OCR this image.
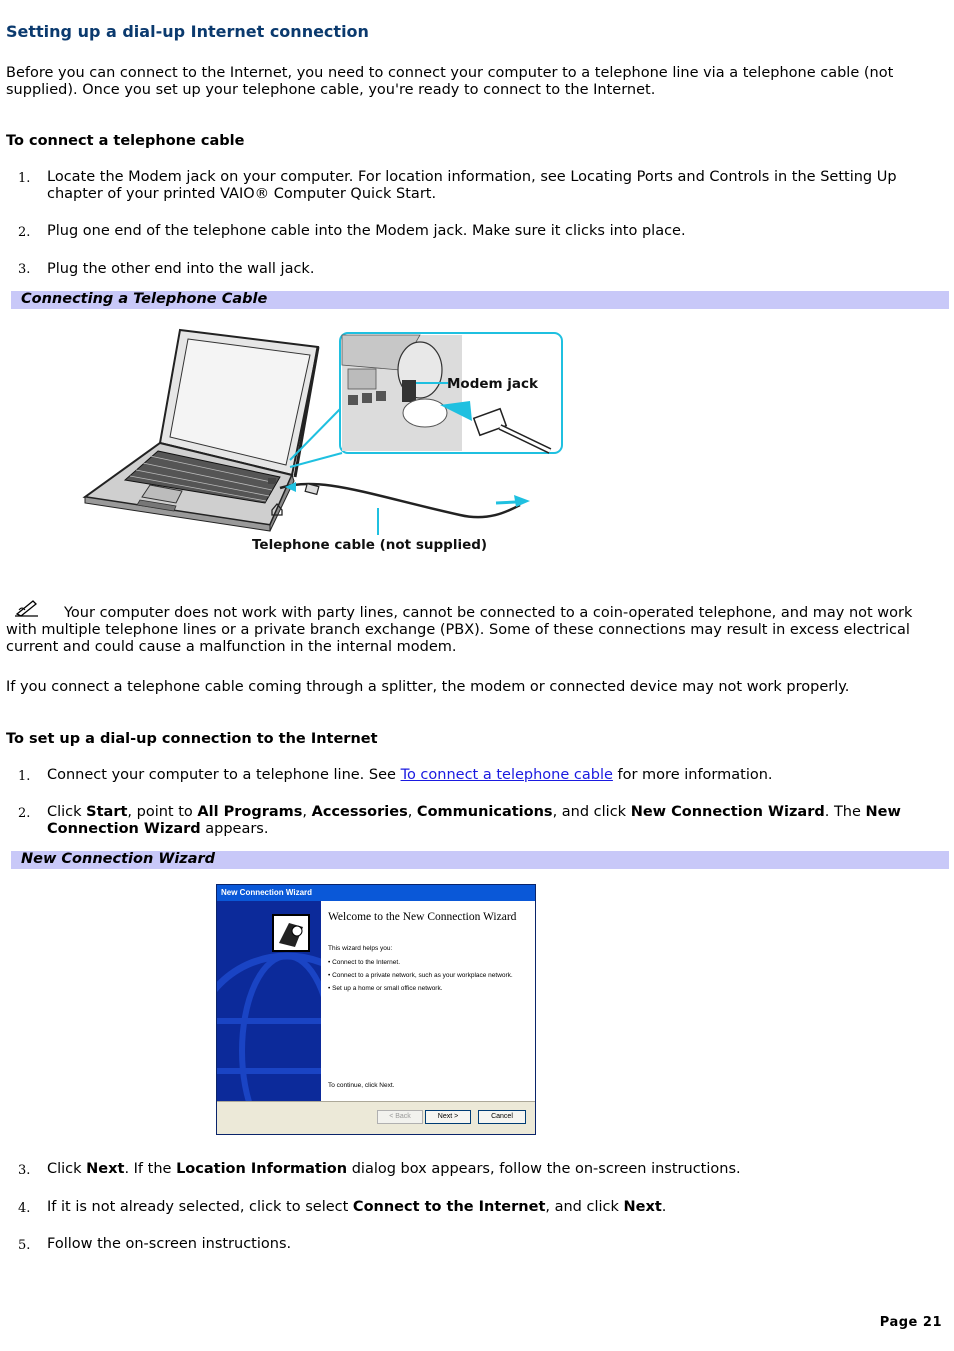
Setting up a dial-up Internet connection
Before you can connect to the Internet, you need to connect your computer to a telephone line via a telephone cable (not supplied). Once you set up your telephone cable, you're ready to connect to the Internet.
To connect a telephone cable
1. Locate the Modem jack on your computer. For location information, see Locating Ports and Controls in the Setting Up chapter of your printed VAIO® Computer Quick Start.
2. Plug one end of the telephone cable into the Modem jack. Make sure it clicks into place.
3. Plug the other end into the wall jack.
Connecting a Telephone Cable
Modem jack
Telephone cable (not supplied)
Your computer does not work with party lines, cannot be connected to a coin-operated telephone, and may not work with multiple telephone lines or a private branch exchange (PBX). Some of these connections may result in excess electrical current and could cause a malfunction in the internal modem.
If you connect a telephone cable coming through a splitter, the modem or connected device may not work properly.
To set up a dial-up connection to the Internet
1. Connect your computer to a telephone line. See To connect a telephone cable for more information.
2. Click Start, point to All Programs, Accessories, Communications, and click New Connection Wizard. The New Connection Wizard appears.
New Connection Wizard
New Connection Wizard
Welcome to the New Connection Wizard
This wizard helps you:
• Connect to the Internet.
• Connect to a private network, such as your workplace network.
• Set up a home or small office network.
To continue, click Next.
< Back	Next >	Cancel
3. Click Next. If the Location Information dialog box appears, follow the on-screen instructions.
4. If it is not already selected, click to select Connect to the Internet, and click Next.
5. Follow the on-screen instructions.
Page 21
